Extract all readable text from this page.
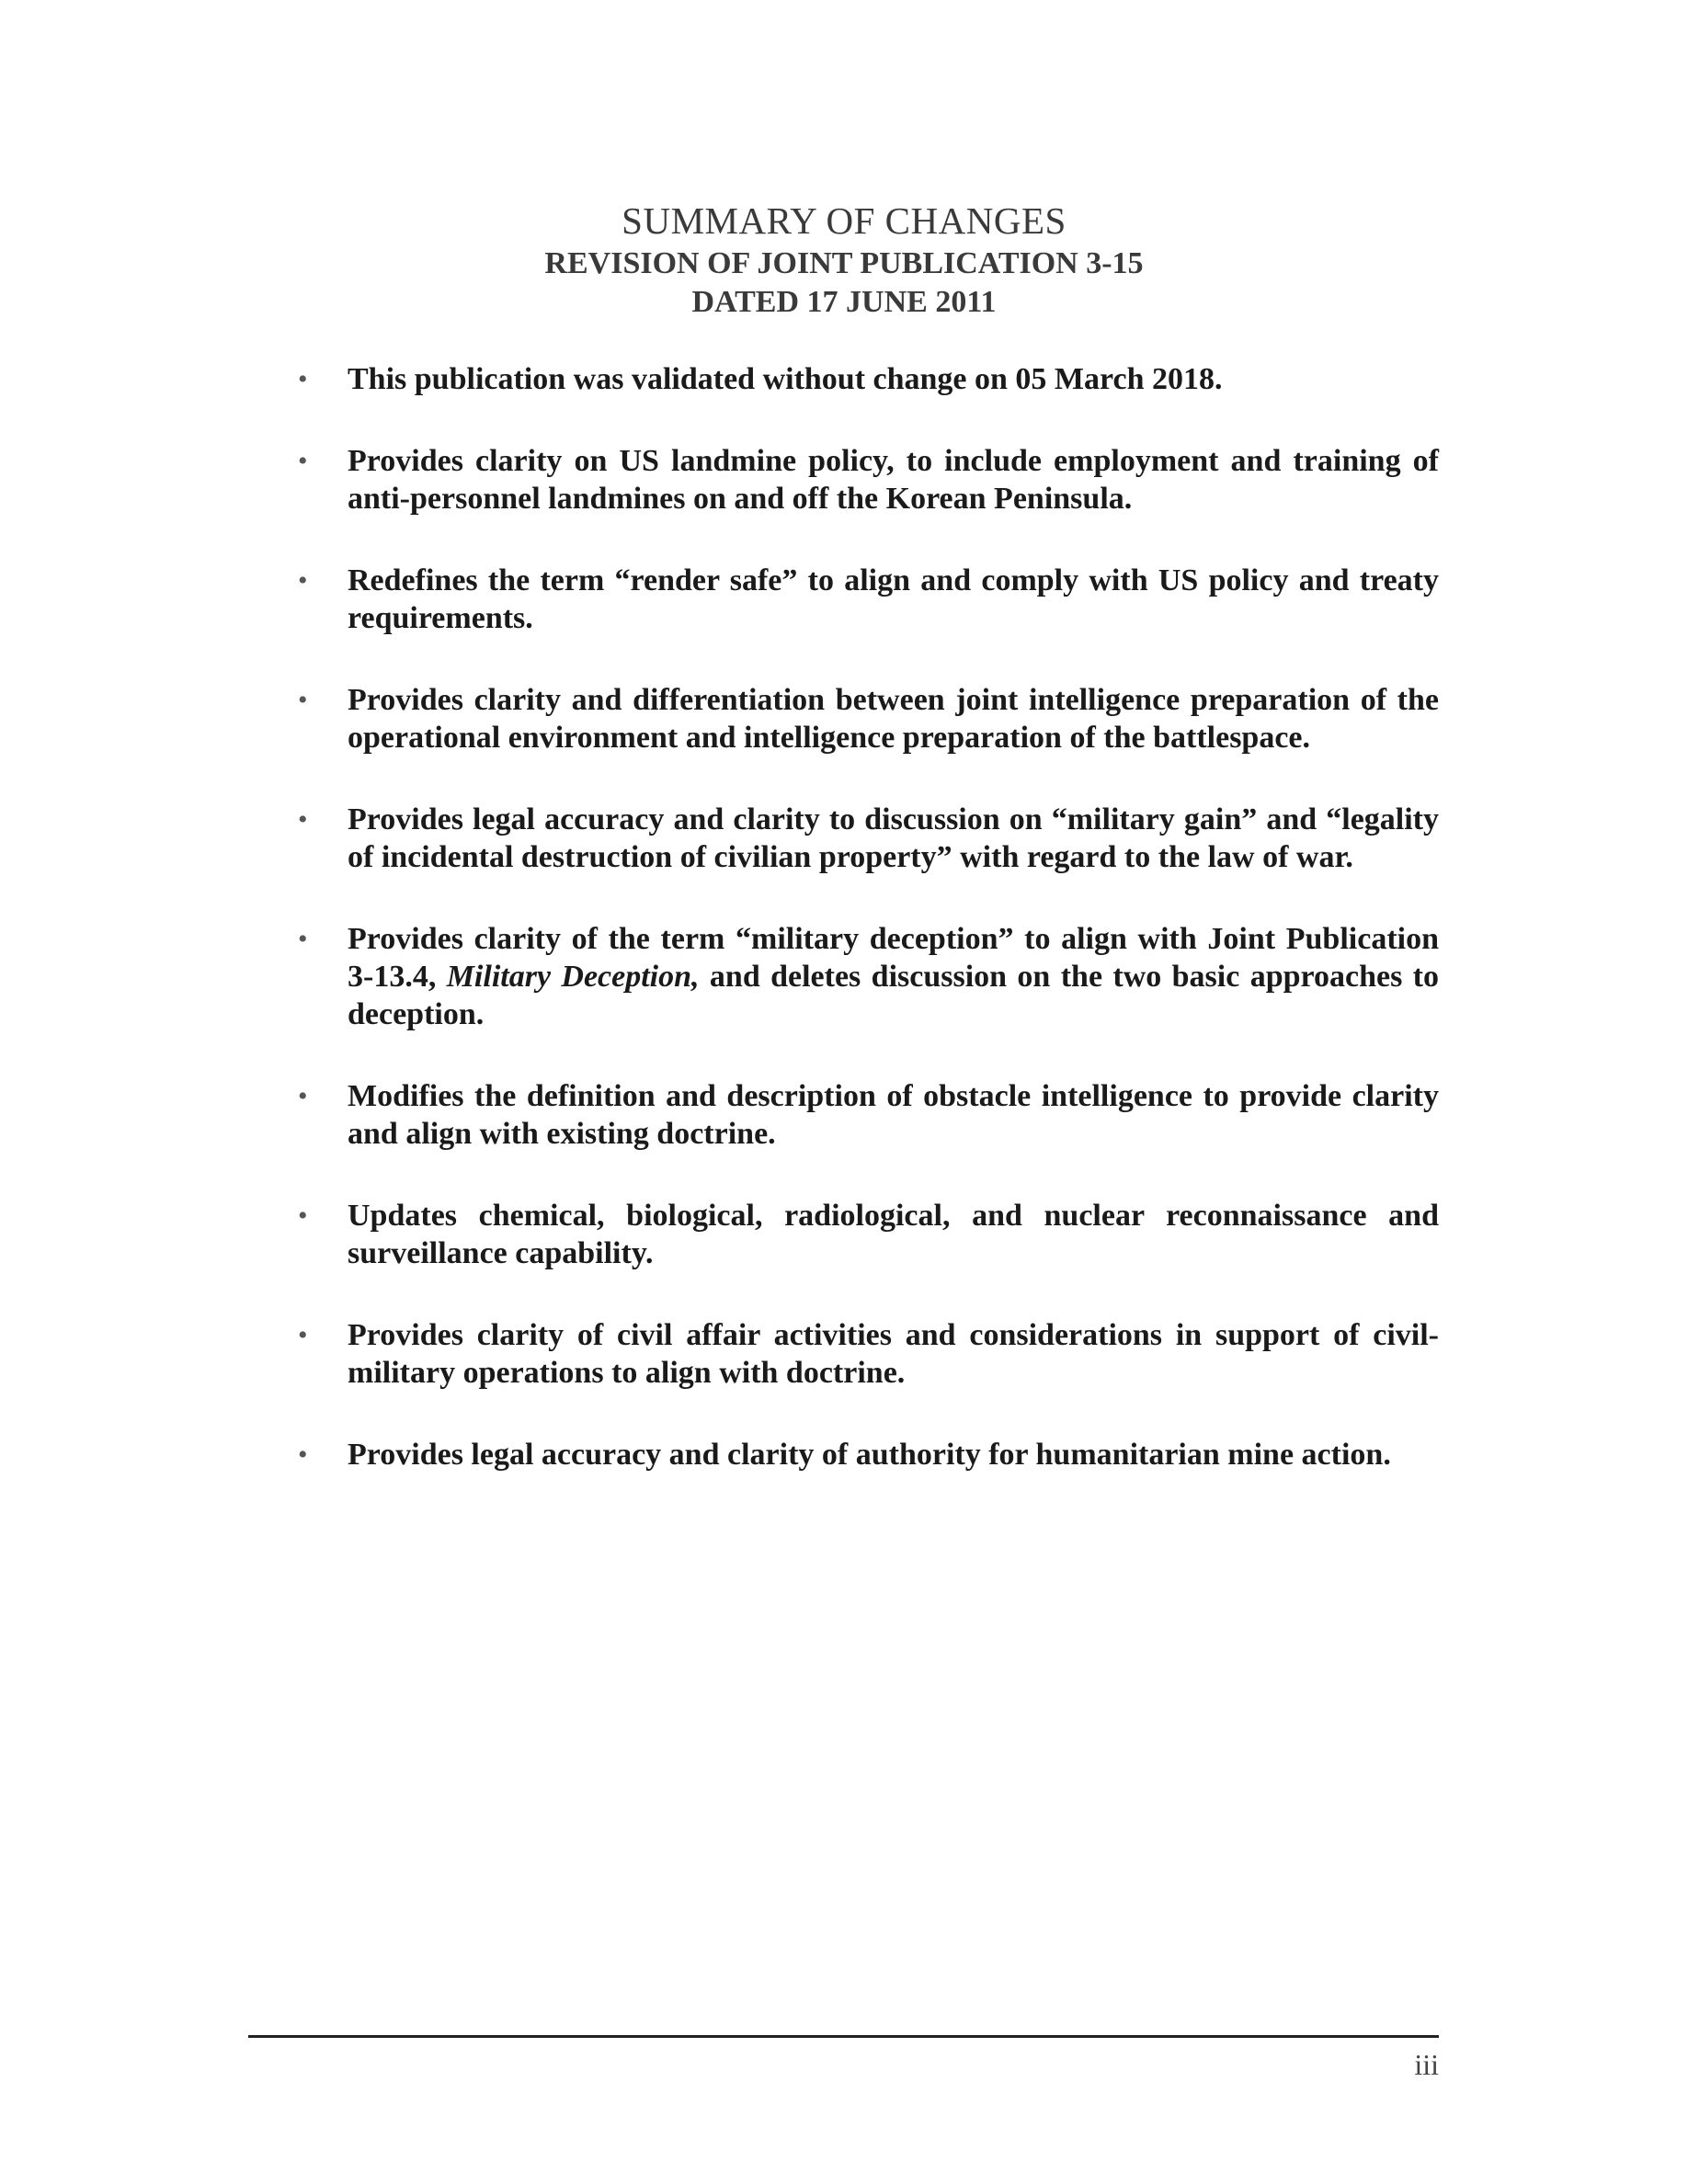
SUMMARY OF CHANGES
REVISION OF JOINT PUBLICATION 3-15
DATED 17 JUNE 2011
• This publication was validated without change on 05 March 2018.
• Provides clarity on US landmine policy, to include employment and training of anti-personnel landmines on and off the Korean Peninsula.
• Redefines the term “render safe” to align and comply with US policy and treaty requirements.
• Provides clarity and differentiation between joint intelligence preparation of the operational environment and intelligence preparation of the battlespace.
• Provides legal accuracy and clarity to discussion on “military gain” and “legality of incidental destruction of civilian property” with regard to the law of war.
• Provides clarity of the term “military deception” to align with Joint Publication 3-13.4, Military Deception, and deletes discussion on the two basic approaches to deception.
• Modifies the definition and description of obstacle intelligence to provide clarity and align with existing doctrine.
• Updates chemical, biological, radiological, and nuclear reconnaissance and surveillance capability.
• Provides clarity of civil affair activities and considerations in support of civil-military operations to align with doctrine.
• Provides legal accuracy and clarity of authority for humanitarian mine action.
iii
